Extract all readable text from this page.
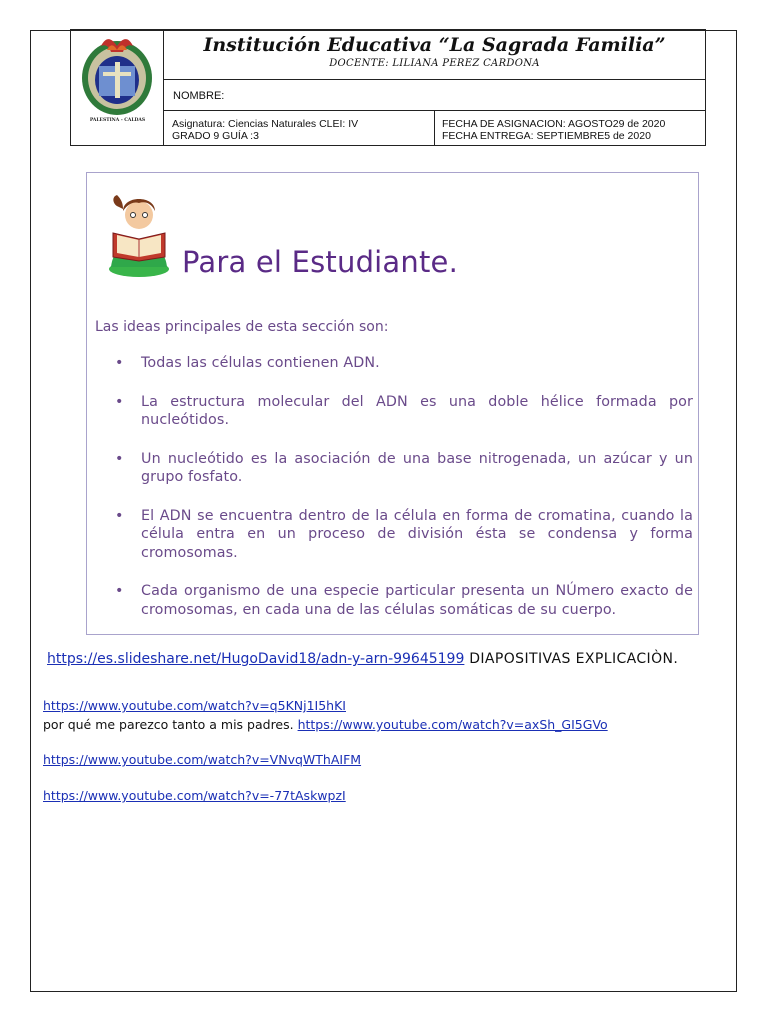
PALESTINA - CALDAS
Institución Educativa “La Sagrada Familia”
DOCENTE: LILIANA PEREZ CARDONA
NOMBRE:
Asignatura: Ciencias Naturales CLEI: IV
GRADO 9 GUÍA :3
FECHA DE ASIGNACION: AGOSTO29 de 2020
FECHA ENTREGA: SEPTIEMBRE5 de 2020
Para el Estudiante.
Las ideas principales de esta sección son:
• Todas las células contienen ADN.
• La estructura molecular del ADN es una doble hélice formada por nucleótidos.
• Un nucleótido es la asociación de una base nitrogenada, un azúcar y un grupo fosfato.
• El ADN se encuentra dentro de la célula en forma de cromatina, cuando la célula entra en un proceso de división ésta se condensa y forma cromosomas.
• Cada organismo de una especie particular presenta un NÚmero exacto de cromosomas, en cada una de las células somáticas de su cuerpo.
https://es.slideshare.net/HugoDavid18/adn-y-arn-99645199 DIAPOSITIVAS EXPLICACIÒN.
https://www.youtube.com/watch?v=q5KNj1I5hKI
por qué me parezco tanto a mis padres. https://www.youtube.com/watch?v=axSh_GI5GVo
https://www.youtube.com/watch?v=VNvqWThAIFM
https://www.youtube.com/watch?v=-77tAskwpzI
